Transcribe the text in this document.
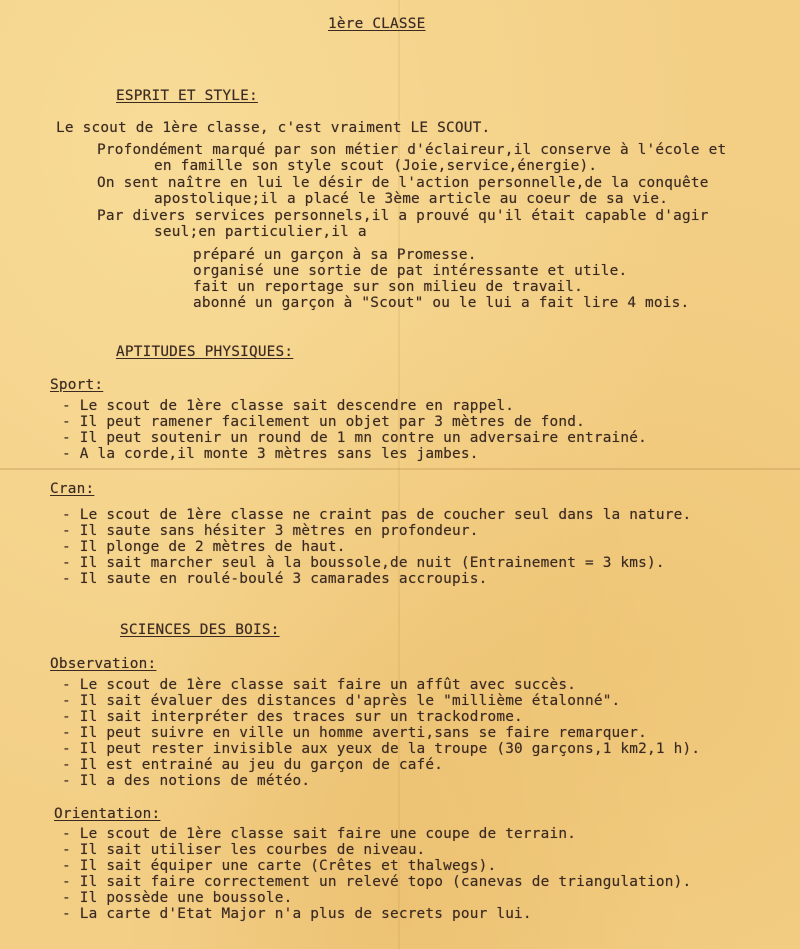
1ère CLASSE
ESPRIT ET STYLE:
Le scout de 1ère classe, c'est vraiment LE SCOUT.
Profondément marqué par son métier d'éclaireur,il conserve à l'école et
en famille son style scout (Joie,service,énergie).
On sent naître en lui le désir de l'action personnelle,de la conquête
apostolique;il a placé le 3ème article au coeur de sa vie.
Par divers services personnels,il a prouvé qu'il était capable d'agir
seul;en particulier,il a
préparé un garçon à sa Promesse.
organisé une sortie de pat intéressante et utile.
fait un reportage sur son milieu de travail.
abonné un garçon à "Scout" ou le lui a fait lire 4 mois.
APTITUDES PHYSIQUES:
Sport:
- Le scout de 1ère classe sait descendre en rappel.
- Il peut ramener facilement un objet par 3 mètres de fond.
- Il peut soutenir un round de 1 mn contre un adversaire entrainé.
- A la corde,il monte 3 mètres sans les jambes.
Cran:
- Le scout de 1ère classe ne craint pas de coucher seul dans la nature.
- Il saute sans hésiter 3 mètres en profondeur.
- Il plonge de 2 mètres de haut.
- Il sait marcher seul à la boussole,de nuit (Entrainement = 3 kms).
- Il saute en roulé-boulé 3 camarades accroupis.
SCIENCES DES BOIS:
Observation:
- Le scout de 1ère classe sait faire un affût avec succès.
- Il sait évaluer des distances d'après le "millième étalonné".
- Il sait interpréter des traces sur un trackodrome.
- Il peut suivre en ville un homme averti,sans se faire remarquer.
- Il peut rester invisible aux yeux de la troupe (30 garçons,1 km2,1 h).
- Il est entrainé au jeu du garçon de café.
- Il a des notions de météo.
Orientation:
- Le scout de 1ère classe sait faire une coupe de terrain.
- Il sait utiliser les courbes de niveau.
- Il sait équiper une carte (Crêtes et thalwegs).
- Il sait faire correctement un relevé topo (canevas de triangulation).
- Il possède une boussole.
- La carte d'Etat Major n'a plus de secrets pour lui.
